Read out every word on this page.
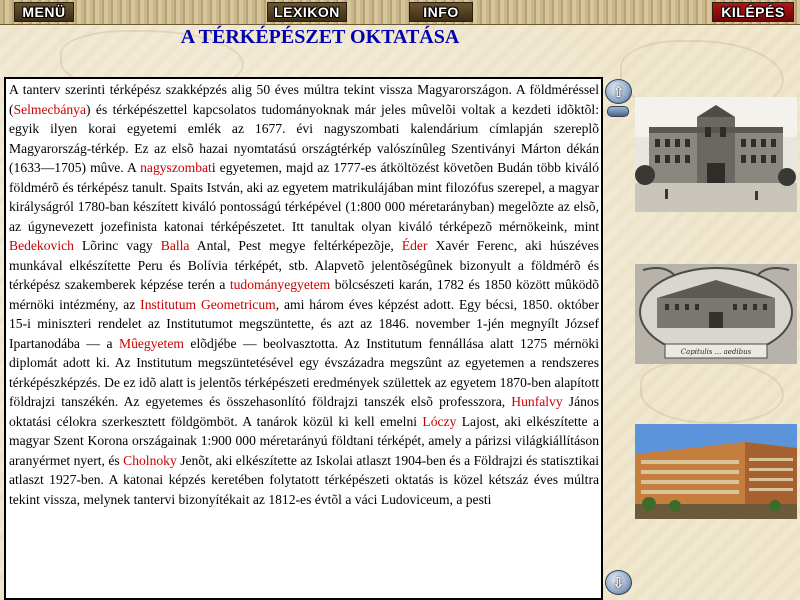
MENÜ	LEXIKON	INFO	KILÉPÉS
A TÉRKÉPÉSZET OKTATÁSA
A tanterv szerinti térképész szakképzés alig 50 éves múltra tekint vissza Magyarországon. A földméréssel (Selmecbánya) és térképészettel kapcsolatos tudományoknak már jeles mûvelõi voltak a kezdeti idõktõl: egyik ilyen korai egyetemi emlék az 1677. évi nagyszombati kalendárium címlapján szereplõ Magyarország-térkép. Ez az elsõ hazai nyomtatású országtérkép valószínûleg Szentiványi Márton dékán (1633—1705) mûve. A nagyszombati egyetemen, majd az 1777-es átköltözést követõen Budán több kiváló földmérõ és térképész tanult. Spaits István, aki az egyetem matrikulájában mint filozófus szerepel, a magyar királyságról 1780-ban készített kiváló pontosságú térképével (1:800 000 méretarányban) megelõzte az elsõ, az úgynevezett jozefinista katonai térképészetet. Itt tanultak olyan kiváló térképezõ mérnökeink, mint Bedekovich Lõrinc vagy Balla Antal, Pest megye feltérképezõje, Éder Xavér Ferenc, aki húszéves munkával elkészítette Peru és Bolívia térképét, stb. Alapvetõ jelentõségûnek bizonyult a földmérõ és térképész szakemberek képzése terén a tudományegyetem bölcsészeti karán, 1782 és 1850 között mûködõ mérnöki intézmény, az Institutum Geometricum, ami három éves képzést adott. Egy bécsi, 1850. október 15-i miniszteri rendelet az Institutumot megszüntette, és azt az 1846. november 1-jén megnyílt József Ipartanodába — a Mûegyetem elõdjébe — beolvasztotta. Az Institutum fennállása alatt 1275 mérnöki diplomát adott ki. Az Institutum megszüntetésével egy évszázadra megszûnt az egyetemen a rendszeres térképészképzés. De ez idõ alatt is jelentõs térképészeti eredmények születtek az egyetem 1870-ben alapított földrajzi tanszékén. Az egyetemes és összehasonlító földrajzi tanszék elsõ professzora, Hunfalvy János oktatási célokra szerkesztett földgömböt. A tanárok közül ki kell emelni Lóczy Lajost, aki elkészítette a magyar Szent Korona országainak 1:900 000 méretarányú földtani térképét, amely a párizsi világkiállításon aranyérmet nyert, és Cholnoky Jenõt, aki elkészítette az Iskolai atlaszt 1904-ben és a Földrajzi és statisztikai atlaszt 1927-ben. A katonai képzés keretében folytatott térképészeti oktatás is közel kétszáz éves múltra tekint vissza, melynek tantervi bizonyítékait az 1812-es évtõl a váci Ludoviceum, a pesti
⇧
⇩
Capitulis ... aedibus
